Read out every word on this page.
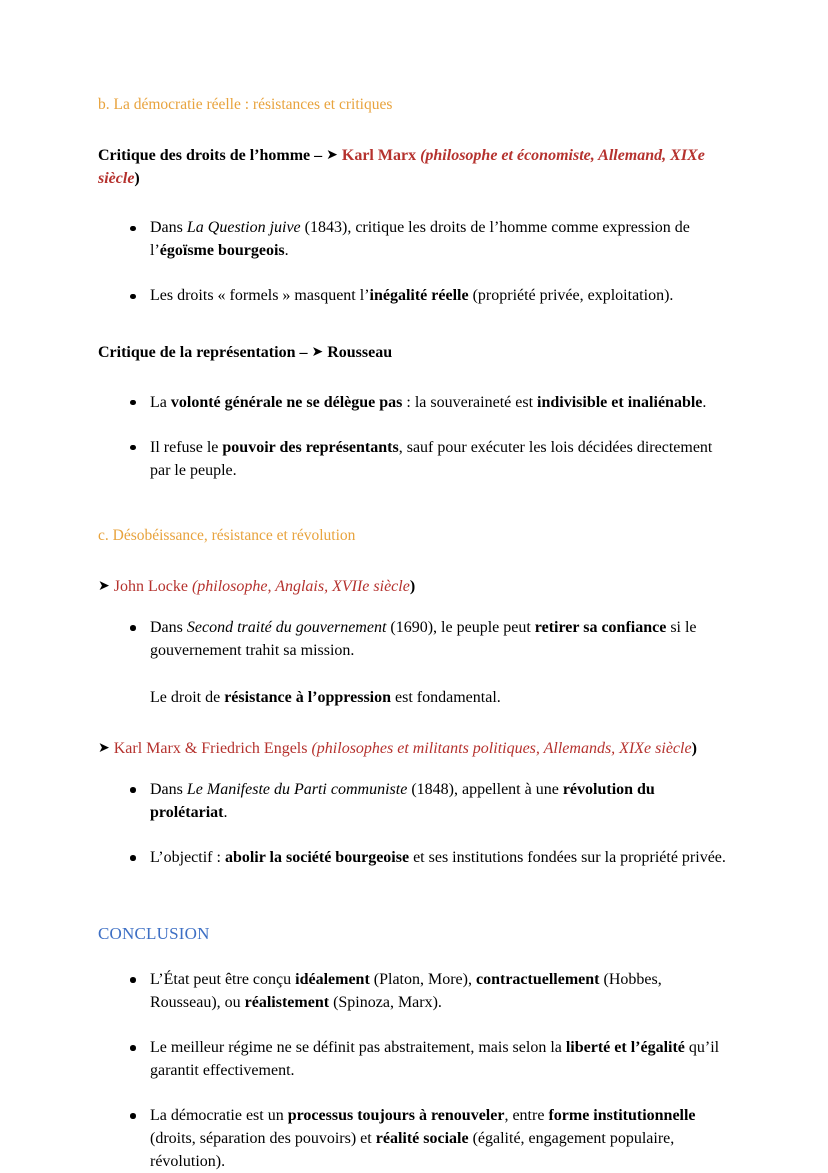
b. La démocratie réelle : résistances et critiques

Critique des droits de l’homme – ➤ Karl Marx (philosophe et économiste, Allemand, XIXe siècle)

Dans La Question juive (1843), critique les droits de l’homme comme expression de l’égoïsme bourgeois.
Les droits « formels » masquent l’inégalité réelle (propriété privée, exploitation).

Critique de la représentation – ➤ Rousseau

La volonté générale ne se délègue pas : la souveraineté est indivisible et inaliénable.
Il refuse le pouvoir des représentants, sauf pour exécuter les lois décidées directement par le peuple.

c. Désobéissance, résistance et révolution

➤ John Locke (philosophe, Anglais, XVIIe siècle)

Dans Second traité du gouvernement (1690), le peuple peut retirer sa confiance si le gouvernement trahit sa mission.

Le droit de résistance à l’oppression est fondamental.

➤ Karl Marx & Friedrich Engels (philosophes et militants politiques, Allemands, XIXe siècle)

Dans Le Manifeste du Parti communiste (1848), appellent à une révolution du prolétariat.
L’objectif : abolir la société bourgeoise et ses institutions fondées sur la propriété privée.

CONCLUSION

L’État peut être conçu idéalement (Platon, More), contractuellement (Hobbes, Rousseau), ou réalistement (Spinoza, Marx).
Le meilleur régime ne se définit pas abstraitement, mais selon la liberté et l’égalité qu’il garantit effectivement.
La démocratie est un processus toujours à renouveler, entre forme institutionnelle (droits, séparation des pouvoirs) et réalité sociale (égalité, engagement populaire, révolution).
